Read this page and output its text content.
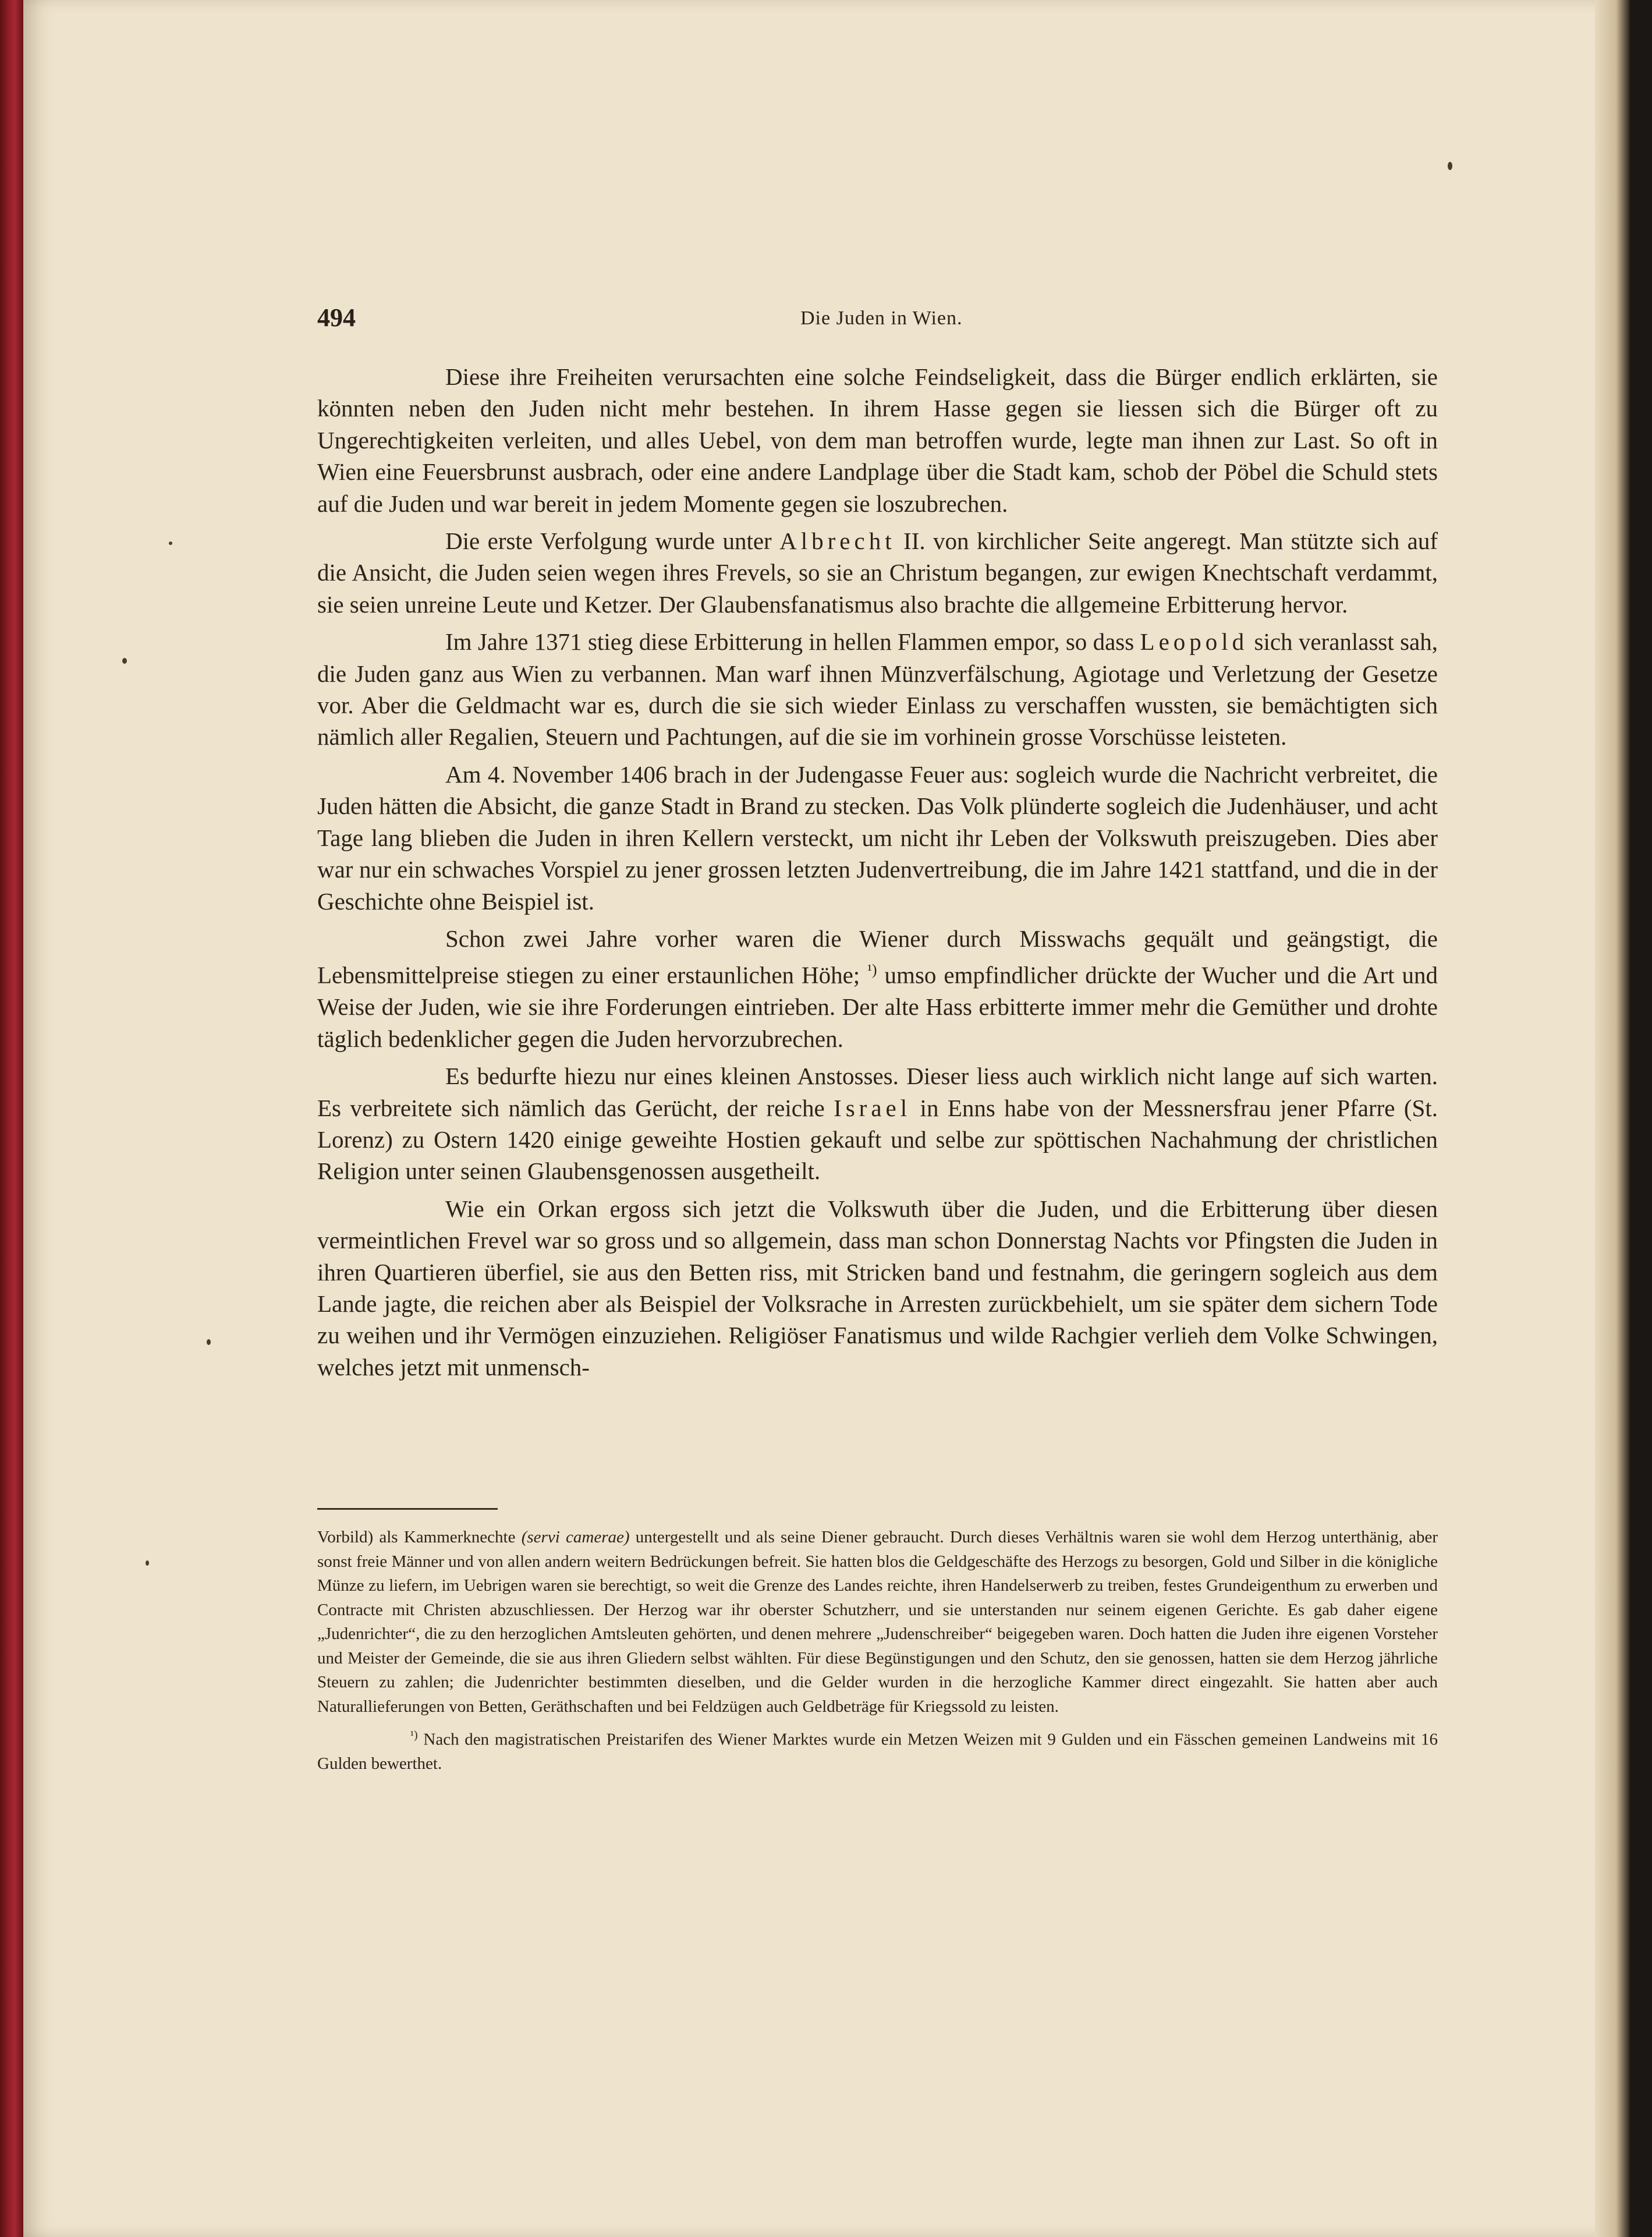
494	Die Juden in Wien.

Diese ihre Freiheiten verursachten eine solche Feindseligkeit, dass die Bürger endlich erklärten, sie könnten neben den Juden nicht mehr bestehen. In ihrem Hasse gegen sie liessen sich die Bürger oft zu Ungerechtigkeiten verleiten, und alles Uebel, von dem man betroffen wurde, legte man ihnen zur Last. So oft in Wien eine Feuersbrunst ausbrach, oder eine andere Landplage über die Stadt kam, schob der Pöbel die Schuld stets auf die Juden und war bereit in jedem Momente gegen sie loszubrechen.

Die erste Verfolgung wurde unter Albrecht II. von kirchlicher Seite angeregt. Man stützte sich auf die Ansicht, die Juden seien wegen ihres Frevels, so sie an Christum begangen, zur ewigen Knechtschaft verdammt, sie seien unreine Leute und Ketzer. Der Glaubensfanatismus also brachte die allgemeine Erbitterung hervor.

Im Jahre 1371 stieg diese Erbitterung in hellen Flammen empor, so dass Leopold sich veranlasst sah, die Juden ganz aus Wien zu verbannen. Man warf ihnen Münzverfälschung, Agiotage und Verletzung der Gesetze vor. Aber die Geldmacht war es, durch die sie sich wieder Einlass zu verschaffen wussten, sie bemächtigten sich nämlich aller Regalien, Steuern und Pachtungen, auf die sie im vorhinein grosse Vorschüsse leisteten.

Am 4. November 1406 brach in der Judengasse Feuer aus: sogleich wurde die Nachricht verbreitet, die Juden hätten die Absicht, die ganze Stadt in Brand zu stecken. Das Volk plünderte sogleich die Judenhäuser, und acht Tage lang blieben die Juden in ihren Kellern versteckt, um nicht ihr Leben der Volkswuth preiszugeben. Dies aber war nur ein schwaches Vorspiel zu jener grossen letzten Judenvertreibung, die im Jahre 1421 stattfand, und die in der Geschichte ohne Beispiel ist.

Schon zwei Jahre vorher waren die Wiener durch Misswachs gequält und geängstigt, die Lebensmittelpreise stiegen zu einer erstaunlichen Höhe; $^{^1)}$ umso empfindlicher drückte der Wucher und die Art und Weise der Juden, wie sie ihre Forderungen eintrieben. Der alte Hass erbitterte immer mehr die Gemüther und drohte täglich bedenklicher gegen die Juden hervorzubrechen.

Es bedurfte hiezu nur eines kleinen Anstosses. Dieser liess auch wirklich nicht lange auf sich warten. Es verbreitete sich nämlich das Gerücht, der reiche Israel in Enns habe von der Messnersfrau jener Pfarre (St. Lorenz) zu Ostern 1420 einige geweihte Hostien gekauft und selbe zur spöttischen Nachahmung der christlichen Religion unter seinen Glaubensgenossen ausgetheilt.

Wie ein Orkan ergoss sich jetzt die Volkswuth über die Juden, und die Erbitterung über diesen vermeintlichen Frevel war so gross und so allgemein, dass man schon Donnerstag Nachts vor Pfingsten die Juden in ihren Quartieren überfiel, sie aus den Betten riss, mit Stricken band und festnahm, die geringern sogleich aus dem Lande jagte, die reichen aber als Beispiel der Volksrache in Arresten zurückbehielt, um sie später dem sichern Tode zu weihen und ihr Vermögen einzuziehen. Religiöser Fanatismus und wilde Rachgier verlieh dem Volke Schwingen, welches jetzt mit unmensch-

Vorbild) als Kammerknechte (servi camerae) untergestellt und als seine Diener gebraucht. Durch dieses Verhältnis waren sie wohl dem Herzog unterthänig, aber sonst freie Männer und von allen andern weitern Bedrückungen befreit. Sie hatten blos die Geldgeschäfte des Herzogs zu besorgen, Gold und Silber in die königliche Münze zu liefern, im Uebrigen waren sie berechtigt, so weit die Grenze des Landes reichte, ihren Handelserwerb zu treiben, festes Grundeigenthum zu erwerben und Contracte mit Christen abzuschliessen. Der Herzog war ihr oberster Schutzherr, und sie unterstanden nur seinem eigenen Gerichte. Es gab daher eigene „Judenrichter“, die zu den herzoglichen Amtsleuten gehörten, und denen mehrere „Judenschreiber“ beigegeben waren. Doch hatten die Juden ihre eigenen Vorsteher und Meister der Gemeinde, die sie aus ihren Gliedern selbst wählten. Für diese Begünstigungen und den Schutz, den sie genossen, hatten sie dem Herzog jährliche Steuern zu zahlen; die Judenrichter bestimmten dieselben, und die Gelder wurden in die herzogliche Kammer direct eingezahlt. Sie hatten aber auch Naturallieferungen von Betten, Geräthschaften und bei Feldzügen auch Geldbeträge für Kriegssold zu leisten.

$^{^1)}$ Nach den magistratischen Preistarifen des Wiener Marktes wurde ein Metzen Weizen mit 9 Gulden und ein Fässchen gemeinen Landweins mit 16 Gulden bewerthet.
